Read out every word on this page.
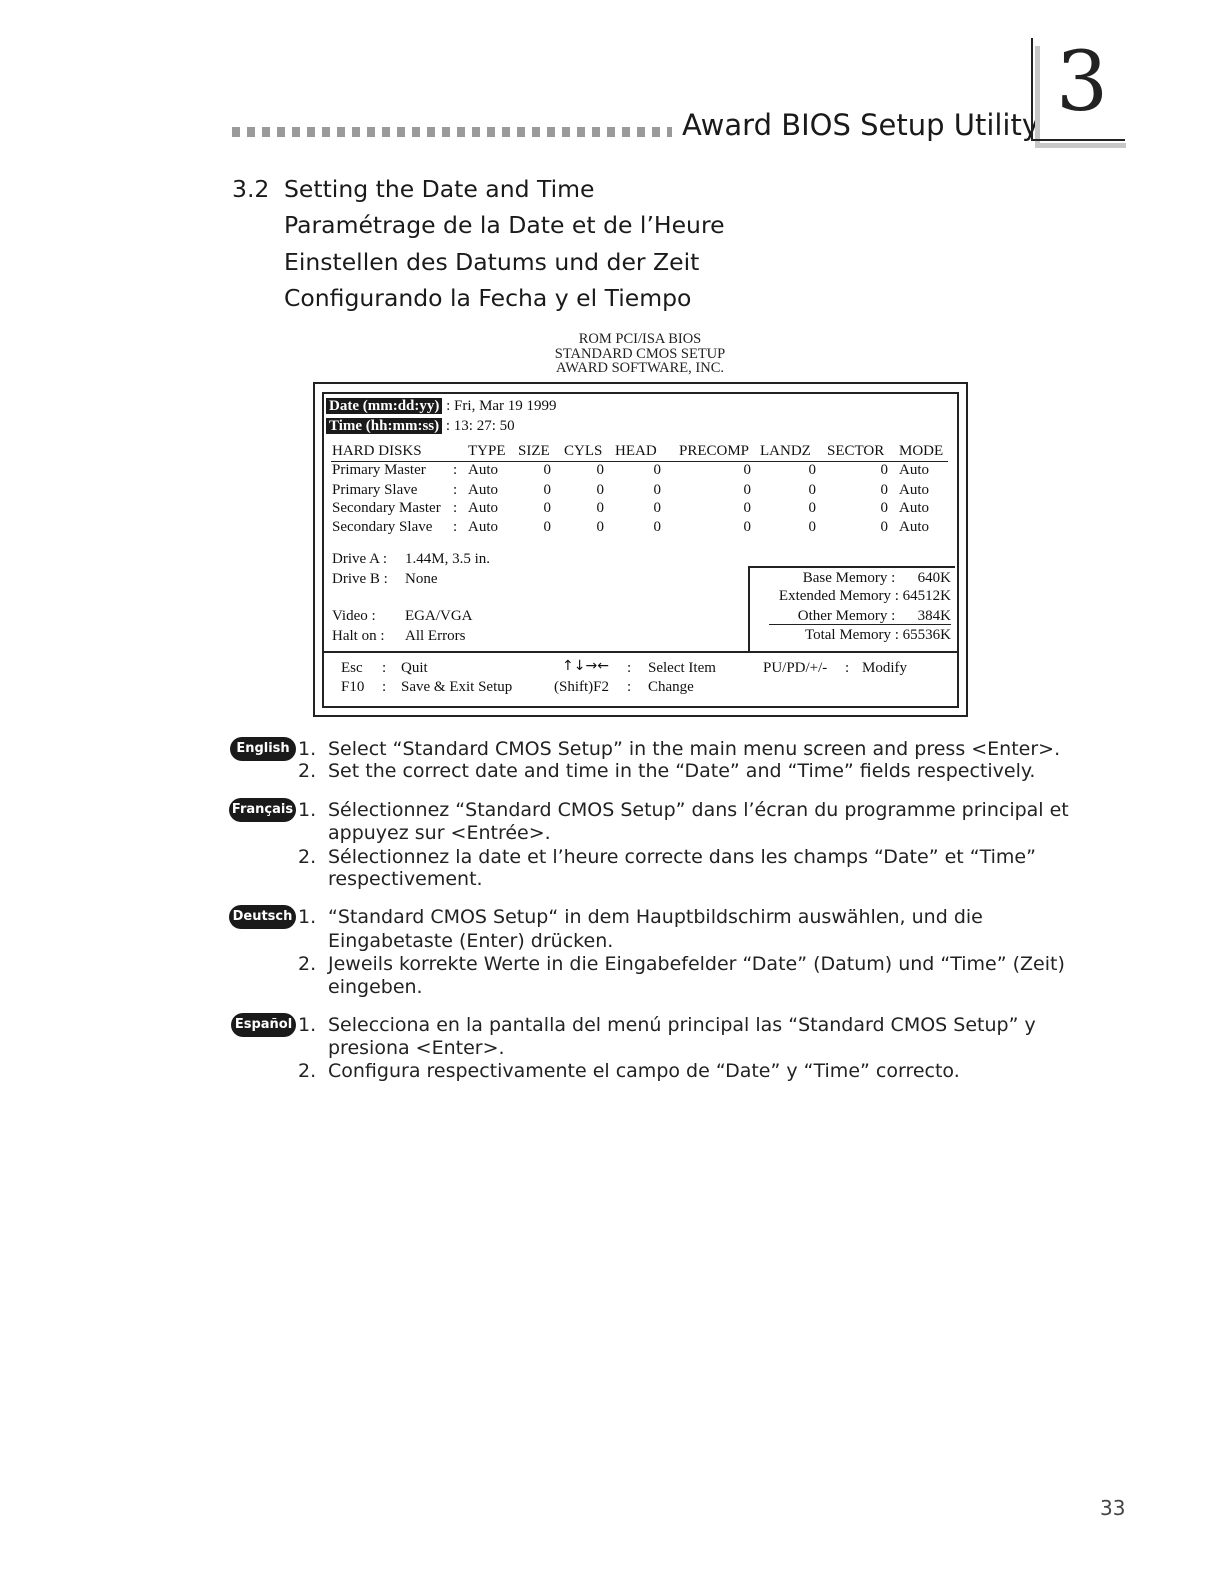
Award BIOS Setup Utility 3
3.2 Setting the Date and Time
Paramétrage de la Date et de l’Heure
Einstellen des Datums und der Zeit
Configurando la Fecha y el Tiempo
ROM PCI/ISA BIOS
STANDARD CMOS SETUP
AWARD SOFTWARE, INC.
Date (mm:dd:yy) : Fri, Mar 19 1999
Time (hh:mm:ss) : 13: 27: 50
HARD DISKS	TYPE SIZE CYLS HEAD PRECOMP LANDZ SECTOR MODE
Primary Master : Auto	0	0	0	0	0	0 Auto
Primary Slave : Auto	0	0	0	0	0	0 Auto
Secondary Master : Auto	0	0	0	0	0	0 Auto
Secondary Slave : Auto	0	0	0	0	0	0 Auto
Drive A : 1.44M, 3.5 in.
Drive B : None
Video : EGA/VGA
Halt on : All Errors
Base Memory : 640K
Extended Memory : 64512K
Other Memory : 384K
Total Memory : 65536K
Esc : Quit
F10 : Save & Exit Setup
↑↓→← : Select Item
(Shift)F2 : Change
PU/PD/+/- : Modify
English 1. Select “Standard CMOS Setup” in the main menu screen and press <Enter>.
2. Set the correct date and time in the “Date” and “Time” fields respectively.
Français 1. Sélectionnez “Standard CMOS Setup” dans l’écran du programme principal et
appuyez sur <Entrée>.
2. Sélectionnez la date et l’heure correcte dans les champs “Date” et “Time”
respectivement.
Deutsch 1. “Standard CMOS Setup“ in dem Hauptbildschirm auswählen, und die
Eingabetaste (Enter) drücken.
2. Jeweils korrekte Werte in die Eingabefelder “Date” (Datum) und “Time” (Zeit)
eingeben.
Español 1. Selecciona en la pantalla del menú principal las “Standard CMOS Setup” y
presiona <Enter>.
2. Configura respectivamente el campo de “Date” y “Time” correcto.
33
